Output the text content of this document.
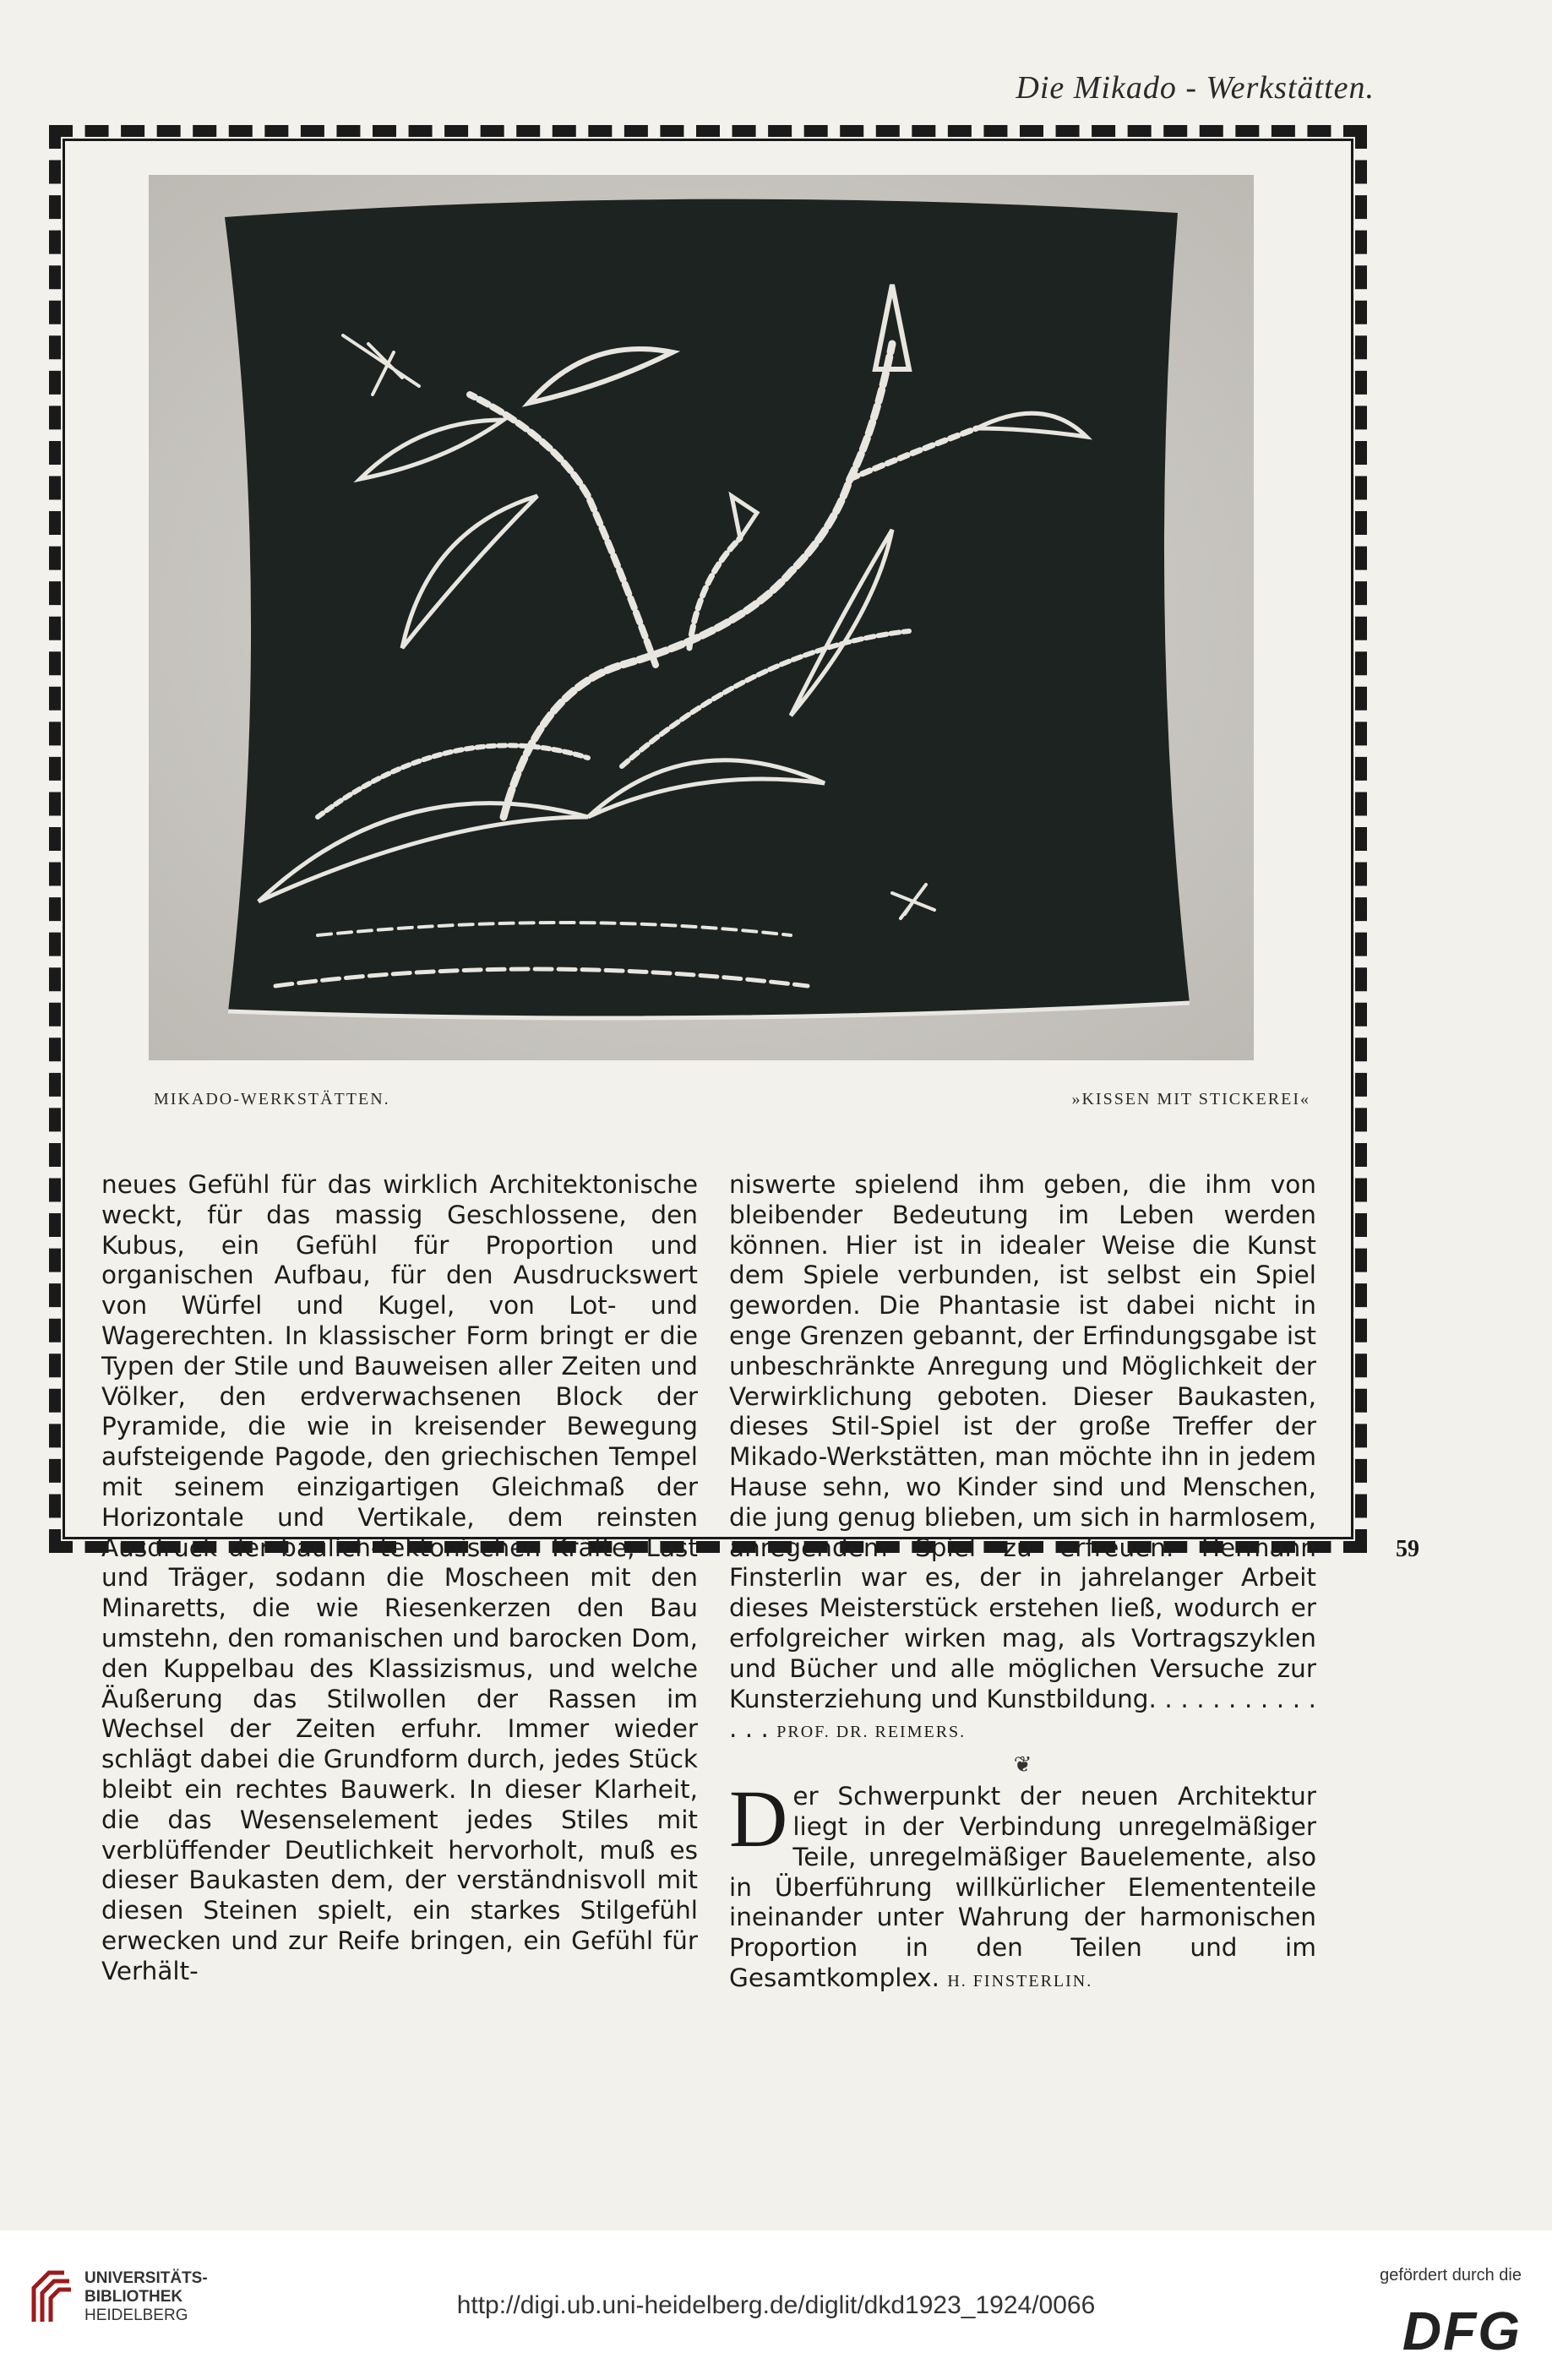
Die Mikado - Werkstätten.
MIKADO-WERKSTÄTTEN.	»KISSEN MIT STICKEREI«

neues Gefühl für das wirklich Architektonische weckt, für das massig Geschlossene, den Kubus, ein Gefühl für Proportion und organischen Aufbau, für den Ausdruckswert von Würfel und Kugel, von Lot- und Wagerechten. In klassischer Form bringt er die Typen der Stile und Bauweisen aller Zeiten und Völker, den erdverwachsenen Block der Pyramide, die wie in kreisender Bewegung aufsteigende Pagode, den griechischen Tempel mit seinem einzigartigen Gleichmaß der Horizontale und Vertikale, dem reinsten Ausdruck der baulich-tektonischen Kräfte, Last und Träger, sodann die Moscheen mit den Minaretts, die wie Riesenkerzen den Bau umstehn, den romanischen und barocken Dom, den Kuppelbau des Klassizismus, und welche Äußerung das Stilwollen der Rassen im Wechsel der Zeiten erfuhr. Immer wieder schlägt dabei die Grundform durch, jedes Stück bleibt ein rechtes Bauwerk. In dieser Klarheit, die das Wesenselement jedes Stiles mit verblüffender Deutlichkeit hervorholt, muß es dieser Baukasten dem, der verständnisvoll mit diesen Steinen spielt, ein starkes Stilgefühl erwecken und zur Reife bringen, ein Gefühl für Verhält-

niswerte spielend ihm geben, die ihm von bleibender Bedeutung im Leben werden können. Hier ist in idealer Weise die Kunst dem Spiele verbunden, ist selbst ein Spiel geworden. Die Phantasie ist dabei nicht in enge Grenzen gebannt, der Erfindungsgabe ist unbeschränkte Anregung und Möglichkeit der Verwirklichung geboten. Dieser Baukasten, dieses Stil-Spiel ist der große Treffer der Mikado-Werkstätten, man möchte ihn in jedem Hause sehn, wo Kinder sind und Menschen, die jung genug blieben, um sich in harmlosem, anregendem Spiel zu erfreuen. Hermann Finsterlin war es, der in jahrelanger Arbeit dieses Meisterstück erstehen ließ, wodurch er erfolgreicher wirken mag, als Vortragszyklen und Bücher und alle möglichen Versuche zur Kunsterziehung und Kunstbildung. . . . . . . . . . . . . . PROF. DR. REIMERS.

❦

Der Schwerpunkt der neuen Architektur liegt in der Verbindung unregelmäßiger Teile, unregelmäßiger Bauelemente, also in Überführung willkürlicher Elemententeile ineinander unter Wahrung der harmonischen Proportion in den Teilen und im Gesamtkomplex. H. FINSTERLIN.

59
UNIVERSITÄTS-
BIBLIOTHEK
HEIDELBERG	http://digi.ub.uni-heidelberg.de/diglit/dkd1923_1924/0066
gefördert durch die
DFG
